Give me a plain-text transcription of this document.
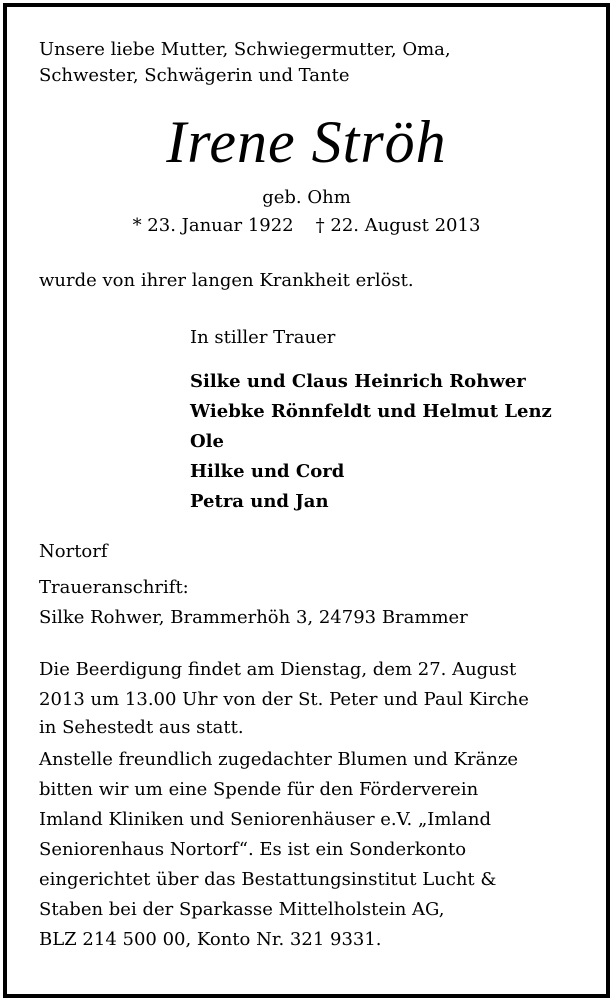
Unsere liebe Mutter, Schwiegermutter, Oma,
Schwester, Schwägerin und Tante
Irene Ströh
geb. Ohm
* 23. Januar 1922 † 22. August 2013
wurde von ihrer langen Krankheit erlöst.
In stiller Trauer
Silke und Claus Heinrich Rohwer
Wiebke Rönnfeldt und Helmut Lenz
Ole
Hilke und Cord
Petra und Jan
Nortorf
Traueranschrift:
Silke Rohwer, Brammerhöh 3, 24793 Brammer
Die Beerdigung findet am Dienstag, dem 27. August
2013 um 13.00 Uhr von der St. Peter und Paul Kirche
in Sehestedt aus statt.
Anstelle freundlich zugedachter Blumen und Kränze
bitten wir um eine Spende für den Förderverein
Imland Kliniken und Seniorenhäuser e.V. „Imland
Seniorenhaus Nortorf“. Es ist ein Sonderkonto
eingerichtet über das Bestattungsinstitut Lucht &
Staben bei der Sparkasse Mittelholstein AG,
BLZ 214 500 00, Konto Nr. 321 9331.
